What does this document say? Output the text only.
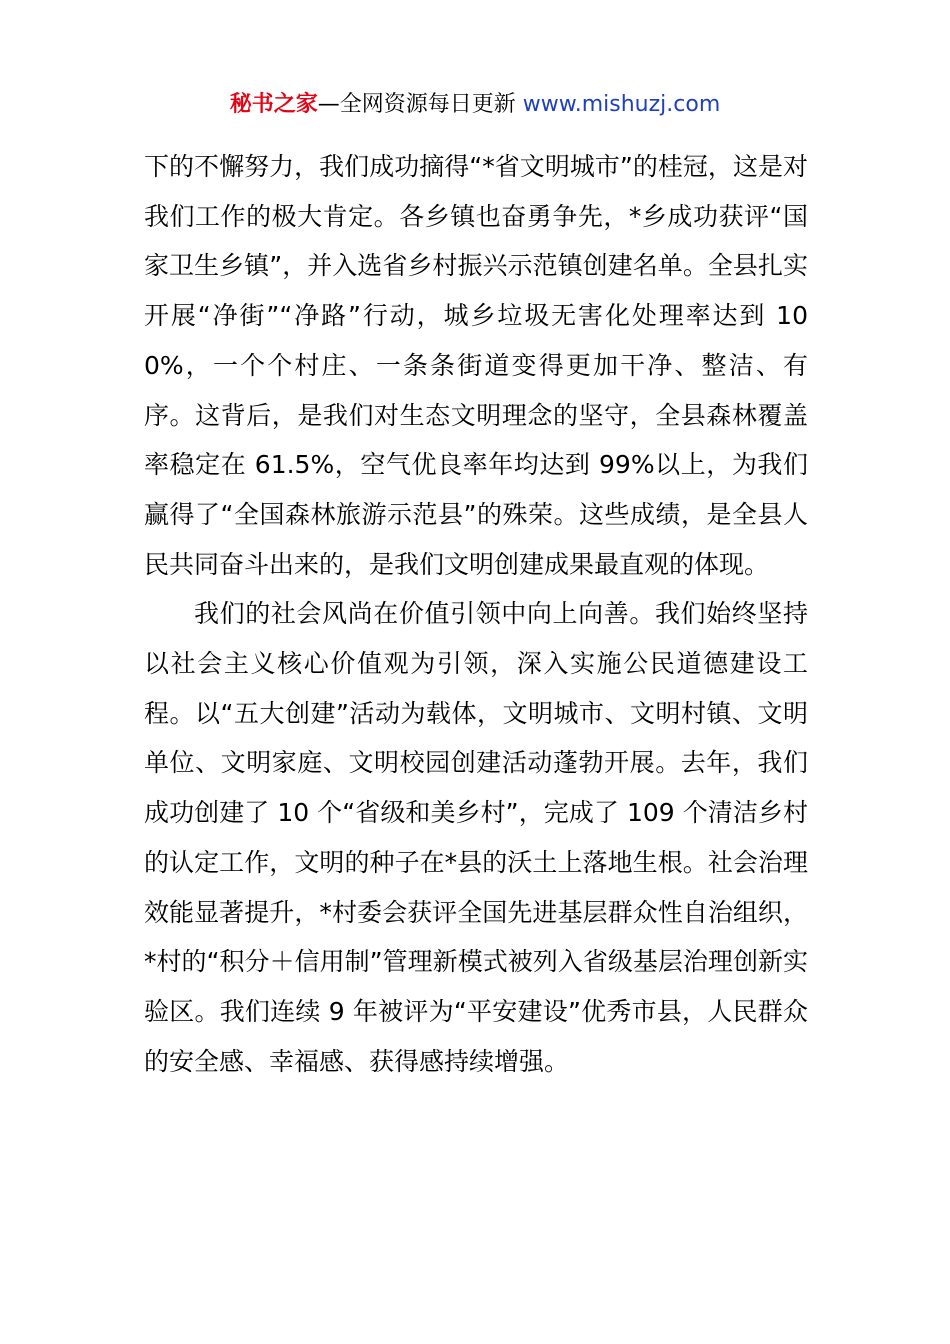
秘书之家—全网资源每日更新 www.mishuzj.com

下的不懈努力，我们成功摘得“*省文明城市”的桂冠，这是对我们工作的极大肯定。各乡镇也奋勇争先，*乡成功获评“国家卫生乡镇”，并入选省乡村振兴示范镇创建名单。全县扎实开展“净街”“净路”行动，城乡垃圾无害化处理率达到 100%，一个个村庄、一条条街道变得更加干净、整洁、有序。这背后，是我们对生态文明理念的坚守，全县森林覆盖率稳定在 61.5%，空气优良率年均达到 99%以上，为我们赢得了“全国森林旅游示范县”的殊荣。这些成绩，是全县人民共同奋斗出来的，是我们文明创建成果最直观的体现。

我们的社会风尚在价值引领中向上向善。我们始终坚持以社会主义核心价值观为引领，深入实施公民道德建设工程。以“五大创建”活动为载体，文明城市、文明村镇、文明单位、文明家庭、文明校园创建活动蓬勃开展。去年，我们成功创建了 10 个“省级和美乡村”，完成了 109 个清洁乡村的认定工作，文明的种子在*县的沃土上落地生根。社会治理效能显著提升，*村委会获评全国先进基层群众性自治组织，*村的“积分＋信用制”管理新模式被列入省级基层治理创新实验区。我们连续 9 年被评为“平安建设”优秀市县，人民群众的安全感、幸福感、获得感持续增强。
